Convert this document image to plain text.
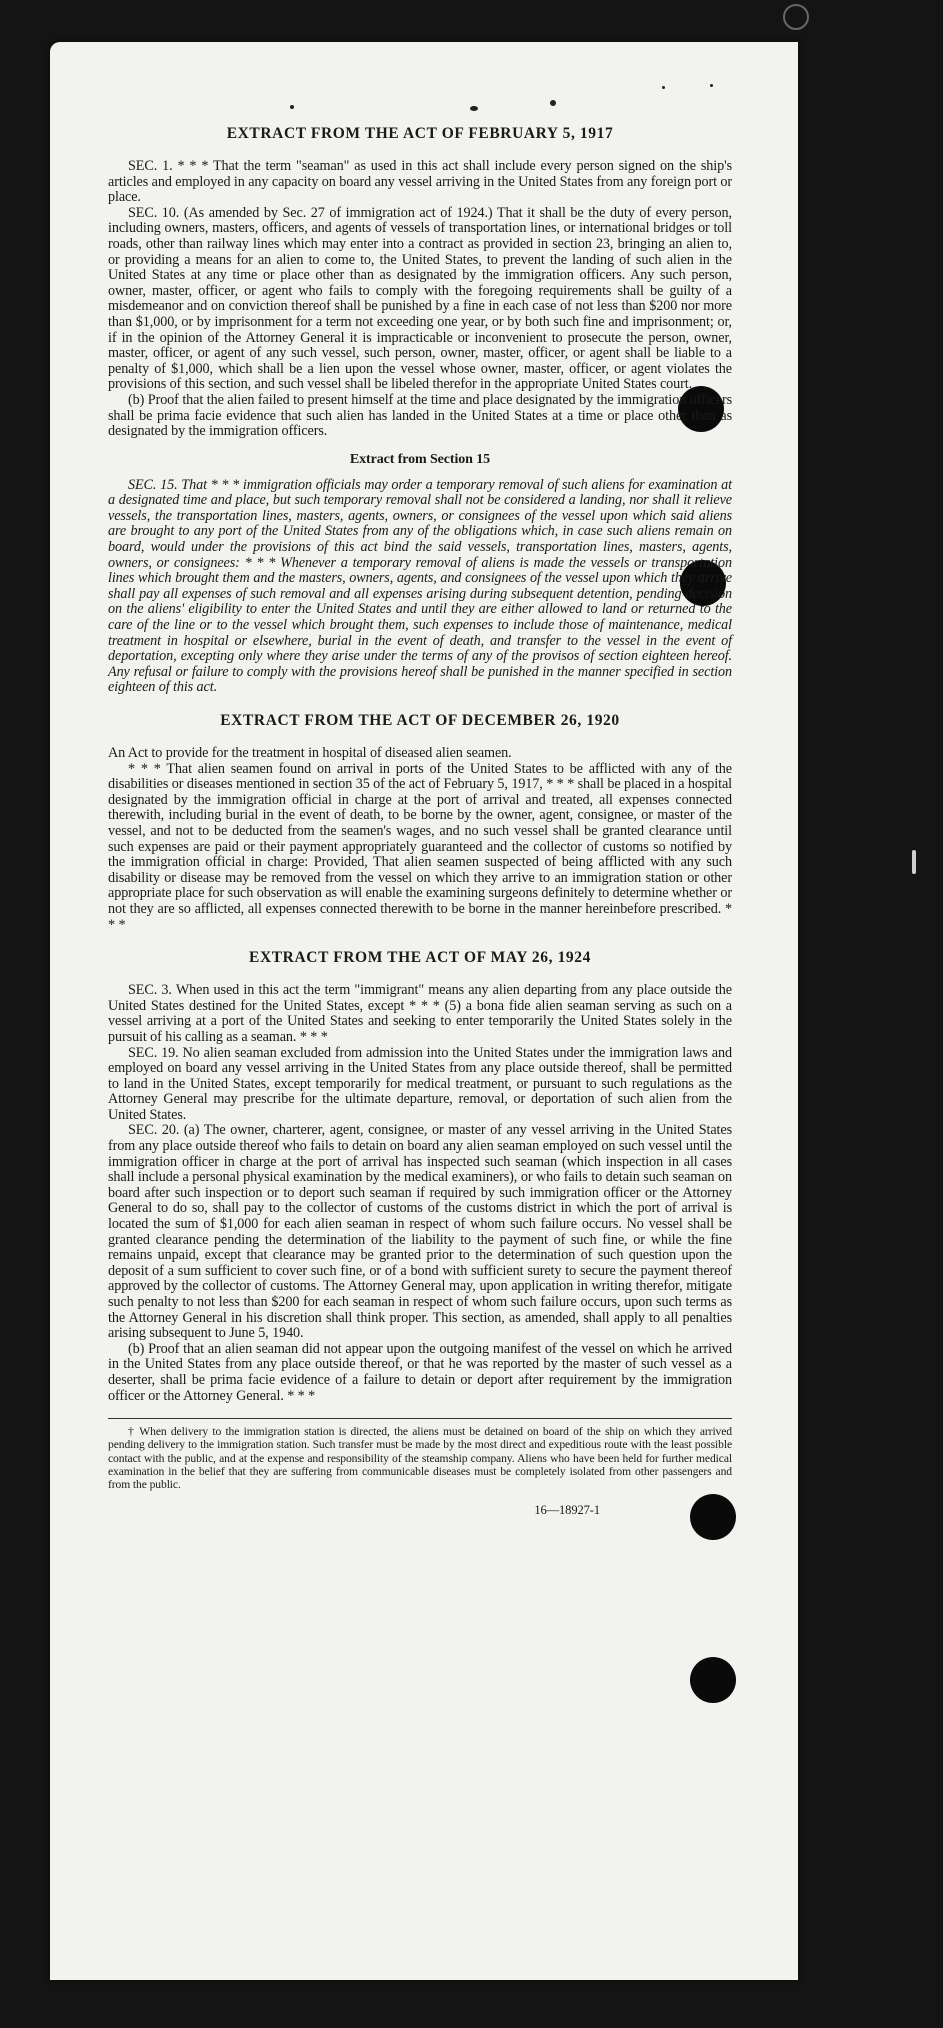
EXTRACT FROM THE ACT OF FEBRUARY 5, 1917

SEC. 1. * * * That the term "seaman" as used in this act shall include every person signed on the ship's articles and employed in any capacity on board any vessel arriving in the United States from any foreign port or place.

SEC. 10. (As amended by Sec. 27 of immigration act of 1924.) That it shall be the duty of every person, including owners, masters, officers, and agents of vessels of transportation lines, or international bridges or toll roads, other than railway lines which may enter into a contract as provided in section 23, bringing an alien to, or providing a means for an alien to come to, the United States, to prevent the landing of such alien in the United States at any time or place other than as designated by the immigration officers. Any such person, owner, master, officer, or agent who fails to comply with the foregoing requirements shall be guilty of a misdemeanor and on conviction thereof shall be punished by a fine in each case of not less than $200 nor more than $1,000, or by imprisonment for a term not exceeding one year, or by both such fine and imprisonment; or, if in the opinion of the Attorney General it is impracticable or inconvenient to prosecute the person, owner, master, officer, or agent of any such vessel, such person, owner, master, officer, or agent shall be liable to a penalty of $1,000, which shall be a lien upon the vessel whose owner, master, officer, or agent violates the provisions of this section, and such vessel shall be libeled therefor in the appropriate United States court.

(b) Proof that the alien failed to present himself at the time and place designated by the immigration officers shall be prima facie evidence that such alien has landed in the United States at a time or place other than as designated by the immigration officers.

Extract from Section 15

SEC. 15. That * * * immigration officials may order a temporary removal of such aliens for examination at a designated time and place, but such temporary removal shall not be considered a landing, nor shall it relieve vessels, the transportation lines, masters, agents, owners, or consignees of the vessel upon which said aliens are brought to any port of the United States from any of the obligations which, in case such aliens remain on board, would under the provisions of this act bind the said vessels, transportation lines, masters, agents, owners, or consignees: * * * Whenever a temporary removal of aliens is made the vessels or transportation lines which brought them and the masters, owners, agents, and consignees of the vessel upon which they arrive shall pay all expenses of such removal and all expenses arising during subsequent detention, pending decision on the aliens' eligibility to enter the United States and until they are either allowed to land or returned to the care of the line or to the vessel which brought them, such expenses to include those of maintenance, medical treatment in hospital or elsewhere, burial in the event of death, and transfer to the vessel in the event of deportation, excepting only where they arise under the terms of any of the provisos of section eighteen hereof. Any refusal or failure to comply with the provisions hereof shall be punished in the manner specified in section eighteen of this act.

EXTRACT FROM THE ACT OF DECEMBER 26, 1920

An Act to provide for the treatment in hospital of diseased alien seamen.

* * * That alien seamen found on arrival in ports of the United States to be afflicted with any of the disabilities or diseases mentioned in section 35 of the act of February 5, 1917, * * * shall be placed in a hospital designated by the immigration official in charge at the port of arrival and treated, all expenses connected therewith, including burial in the event of death, to be borne by the owner, agent, consignee, or master of the vessel, and not to be deducted from the seamen's wages, and no such vessel shall be granted clearance until such expenses are paid or their payment appropriately guaranteed and the collector of customs so notified by the immigration official in charge: Provided, That alien seamen suspected of being afflicted with any such disability or disease may be removed from the vessel on which they arrive to an immigration station or other appropriate place for such observation as will enable the examining surgeons definitely to determine whether or not they are so afflicted, all expenses connected therewith to be borne in the manner hereinbefore prescribed. * * *

EXTRACT FROM THE ACT OF MAY 26, 1924

SEC. 3. When used in this act the term "immigrant" means any alien departing from any place outside the United States destined for the United States, except * * * (5) a bona fide alien seaman serving as such on a vessel arriving at a port of the United States and seeking to enter temporarily the United States solely in the pursuit of his calling as a seaman. * * *

SEC. 19. No alien seaman excluded from admission into the United States under the immigration laws and employed on board any vessel arriving in the United States from any place outside thereof, shall be permitted to land in the United States, except temporarily for medical treatment, or pursuant to such regulations as the Attorney General may prescribe for the ultimate departure, removal, or deportation of such alien from the United States.

SEC. 20. (a) The owner, charterer, agent, consignee, or master of any vessel arriving in the United States from any place outside thereof who fails to detain on board any alien seaman employed on such vessel until the immigration officer in charge at the port of arrival has inspected such seaman (which inspection in all cases shall include a personal physical examination by the medical examiners), or who fails to detain such seaman on board after such inspection or to deport such seaman if required by such immigration officer or the Attorney General to do so, shall pay to the collector of customs of the customs district in which the port of arrival is located the sum of $1,000 for each alien seaman in respect of whom such failure occurs. No vessel shall be granted clearance pending the determination of the liability to the payment of such fine, or while the fine remains unpaid, except that clearance may be granted prior to the determination of such question upon the deposit of a sum sufficient to cover such fine, or of a bond with sufficient surety to secure the payment thereof approved by the collector of customs. The Attorney General may, upon application in writing therefor, mitigate such penalty to not less than $200 for each seaman in respect of whom such failure occurs, upon such terms as the Attorney General in his discretion shall think proper. This section, as amended, shall apply to all penalties arising subsequent to June 5, 1940.

(b) Proof that an alien seaman did not appear upon the outgoing manifest of the vessel on which he arrived in the United States from any place outside thereof, or that he was reported by the master of such vessel as a deserter, shall be prima facie evidence of a failure to detain or deport after requirement by the immigration officer or the Attorney General. * * *

† When delivery to the immigration station is directed, the aliens must be detained on board of the ship on which they arrived pending delivery to the immigration station. Such transfer must be made by the most direct and expeditious route with the least possible contact with the public, and at the expense and responsibility of the steamship company. Aliens who have been held for further medical examination in the belief that they are suffering from communicable diseases must be completely isolated from other passengers and from the public.

16—18927-1
